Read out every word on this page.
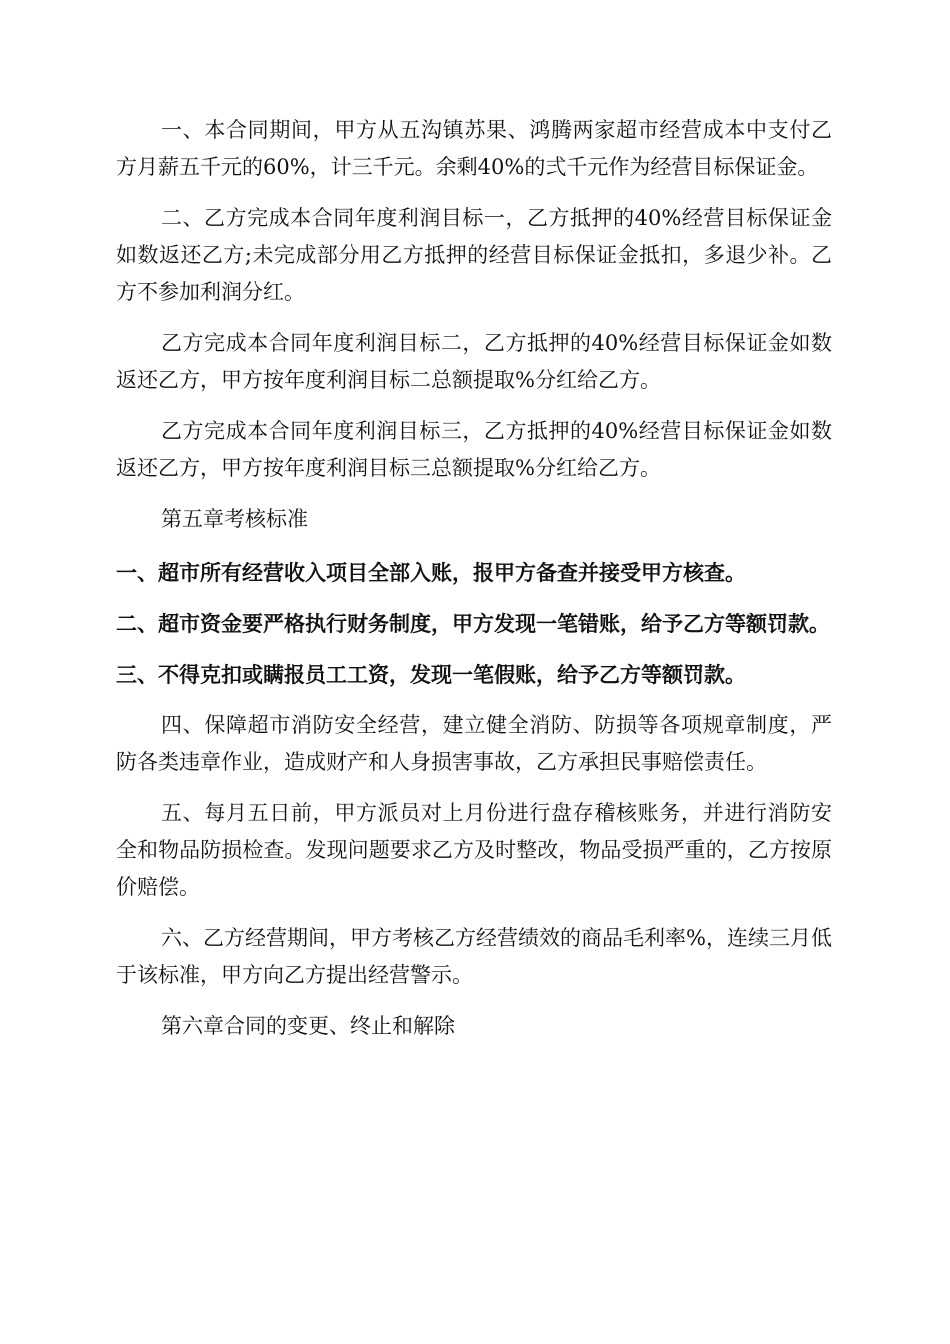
一、本合同期间，甲方从五沟镇苏果、鸿腾两家超市经营成本中支付乙方月薪五千元的60%，计三千元。余剩40%的弍千元作为经营目标保证金。

二、乙方完成本合同年度利润目标一，乙方抵押的40%经营目标保证金如数返还乙方;未完成部分用乙方抵押的经营目标保证金抵扣，多退少补。乙方不参加利润分红。

乙方完成本合同年度利润目标二，乙方抵押的40%经营目标保证金如数返还乙方，甲方按年度利润目标二总额提取%分红给乙方。

乙方完成本合同年度利润目标三，乙方抵押的40%经营目标保证金如数返还乙方，甲方按年度利润目标三总额提取%分红给乙方。

第五章考核标准

一、超市所有经营收入项目全部入账，报甲方备查并接受甲方核查。

二、超市资金要严格执行财务制度，甲方发现一笔错账，给予乙方等额罚款。

三、不得克扣或瞒报员工工资，发现一笔假账，给予乙方等额罚款。

四、保障超市消防安全经营，建立健全消防、防损等各项规章制度，严防各类违章作业，造成财产和人身损害事故，乙方承担民事赔偿责任。

五、每月五日前，甲方派员对上月份进行盘存稽核账务，并进行消防安全和物品防损检查。发现问题要求乙方及时整改，物品受损严重的，乙方按原价赔偿。

六、乙方经营期间，甲方考核乙方经营绩效的商品毛利率%，连续三月低于该标准，甲方向乙方提出经营警示。

第六章合同的变更、终止和解除
